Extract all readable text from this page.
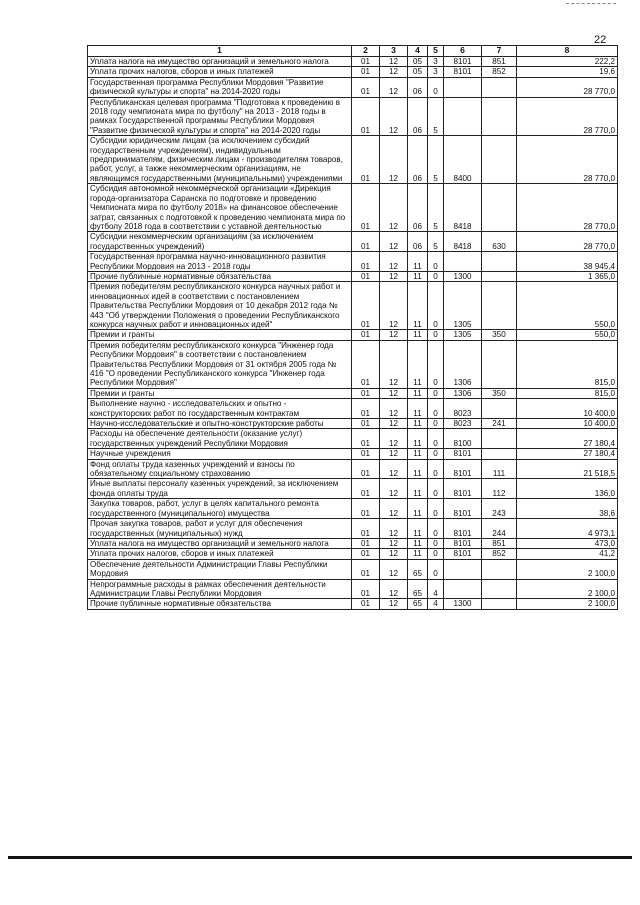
22
1	2	3	4	5	6	7	8
Уплата налога на имущество организаций и земельного налога	01	12	05	3	8101	851	222,2
Уплата прочих налогов, сборов и иных платежей	01	12	05	3	8101	852	19,6
Государственная программа Республики Мордовия "Развитие физической культуры и спорта" на 2014-2020 годы	01	12	06	0			28 770,0
Республиканская целевая программа "Подготовка к проведению в 2018 году чемпионата мира по футболу" на 2013 - 2018 годы в рамках Государственной программы Республики Мордовия "Развитие физической культуры и спорта" на 2014-2020 годы	01	12	06	5			28 770,0
Субсидии юридическим лицам (за исключением субсидий государственным учреждениям), индивидуальным предпринимателям, физическим лицам - производителям товаров, работ, услуг, а также некоммерческим организациям, не являющимся государственными (муниципальными) учреждениями	01	12	06	5	8400		28 770,0
Субсидия автономной некоммерческой организации «Дирекция города-организатора Саранска по подготовке и проведению Чемпионата мира по футболу 2018» на финансовое обеспечение затрат, связанных с подготовкой к проведению чемпионата мира по футболу 2018 года в соответствии с уставной деятельностью	01	12	06	5	8418		28 770,0
Субсидии некоммерческим организациям (за исключением государственных учреждений)	01	12	06	5	8418	630	28 770,0
Государственная программа научно-инновационного развития Республики Мордовия на 2013 - 2018 годы	01	12	11	0			38 945,4
Прочие публичные нормативные обязательства	01	12	11	0	1300		1 365,0
Премия победителям республиканского конкурса научных работ и инновационных идей в соответствии с постановлением Правительства Республики Мордовия от 10 декабря 2012 года № 443 "Об утверждении Положения о проведении Республиканского конкурса научных работ и инновационных идей"	01	12	11	0	1305		550,0
Премии и гранты	01	12	11	0	1305	350	550,0
Премия победителям республиканского конкурса "Инженер года Республики Мордовия" в соответствии с постановлением Правительства Республики Мордовия от 31 октября 2005 года № 416 "О проведении Республиканского конкурса "Инженер года Республики Мордовия"	01	12	11	0	1306		815,0
Премии и гранты	01	12	11	0	1306	350	815,0
Выполнение научно - исследовательских и опытно - конструкторских работ по государственным контрактам	01	12	11	0	8023		10 400,0
Научно-исследовательские и опытно-конструкторские работы	01	12	11	0	8023	241	10 400,0
Расходы на обеспечение деятельности (оказание услуг) государственных учреждений Республики Мордовия	01	12	11	0	8100		27 180,4
Научные учреждения	01	12	11	0	8101		27 180,4
Фонд оплаты труда казенных учреждений и взносы по обязательному социальному страхованию	01	12	11	0	8101	111	21 518,5
Иные выплаты персоналу казенных учреждений, за исключением фонда оплаты труда	01	12	11	0	8101	112	136,0
Закупка товаров, работ, услуг в целях капитального ремонта государственного (муниципального) имущества	01	12	11	0	8101	243	38,6
Прочая закупка товаров, работ и услуг для обеспечения государственных (муниципальных) нужд	01	12	11	0	8101	244	4 973,1
Уплата налога на имущество организаций и земельного налога	01	12	11	0	8101	851	473,0
Уплата прочих налогов, сборов и иных платежей	01	12	11	0	8101	852	41,2
Обеспечение деятельности Администрации Главы Республики Мордовия	01	12	65	0			2 100,0
Непрограммные расходы в рамках обеспечения деятельности Администрации Главы Республики Мордовия	01	12	65	4			2 100,0
Прочие публичные нормативные обязательства	01	12	65	4	1300		2 100,0
